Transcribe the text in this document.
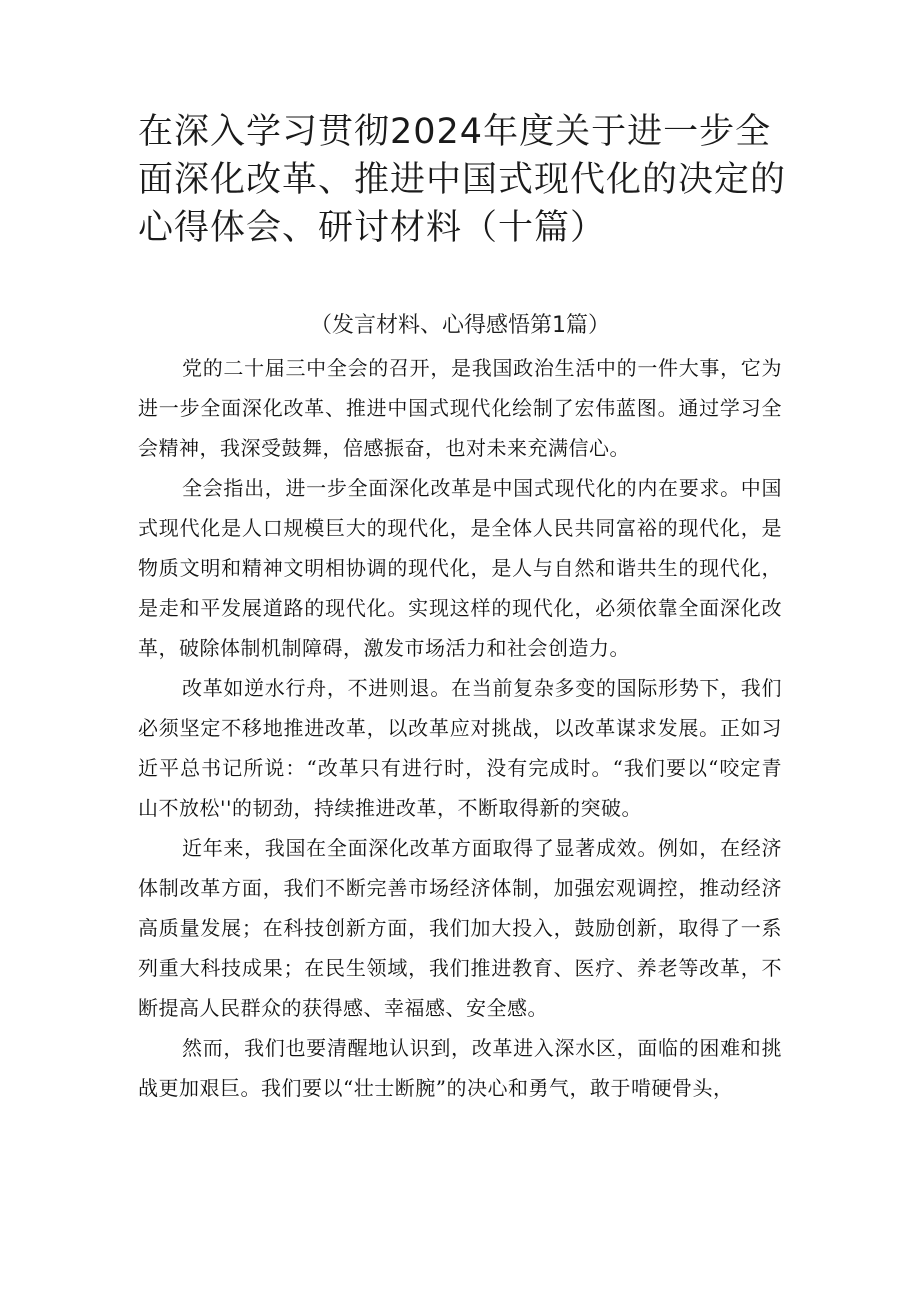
在深入学习贯彻2024年度关于进一步全面深化改革、推进中国式现代化的决定的心得体会、研讨材料（十篇）
（发言材料、心得感悟第1篇）

党的二十届三中全会的召开，是我国政治生活中的一件大事，它为进一步全面深化改革、推进中国式现代化绘制了宏伟蓝图。通过学习全会精神，我深受鼓舞，倍感振奋，也对未来充满信心。

全会指出，进一步全面深化改革是中国式现代化的内在要求。中国式现代化是人口规模巨大的现代化，是全体人民共同富裕的现代化，是物质文明和精神文明相协调的现代化，是人与自然和谐共生的现代化，是走和平发展道路的现代化。实现这样的现代化，必须依靠全面深化改革，破除体制机制障碍，激发市场活力和社会创造力。

改革如逆水行舟，不进则退。在当前复杂多变的国际形势下，我们必须坚定不移地推进改革，以改革应对挑战，以改革谋求发展。正如习近平总书记所说：“改革只有进行时，没有完成时。“我们要以“咬定青山不放松''的韧劲，持续推进改革，不断取得新的突破。

近年来，我国在全面深化改革方面取得了显著成效。例如，在经济体制改革方面，我们不断完善市场经济体制，加强宏观调控，推动经济高质量发展；在科技创新方面，我们加大投入，鼓励创新，取得了一系列重大科技成果；在民生领域，我们推进教育、医疗、养老等改革，不断提高人民群众的获得感、幸福感、安全感。

然而，我们也要清醒地认识到，改革进入深水区，面临的困难和挑战更加艰巨。我们要以“壮士断腕”的决心和勇气，敢于啃硬骨头，
